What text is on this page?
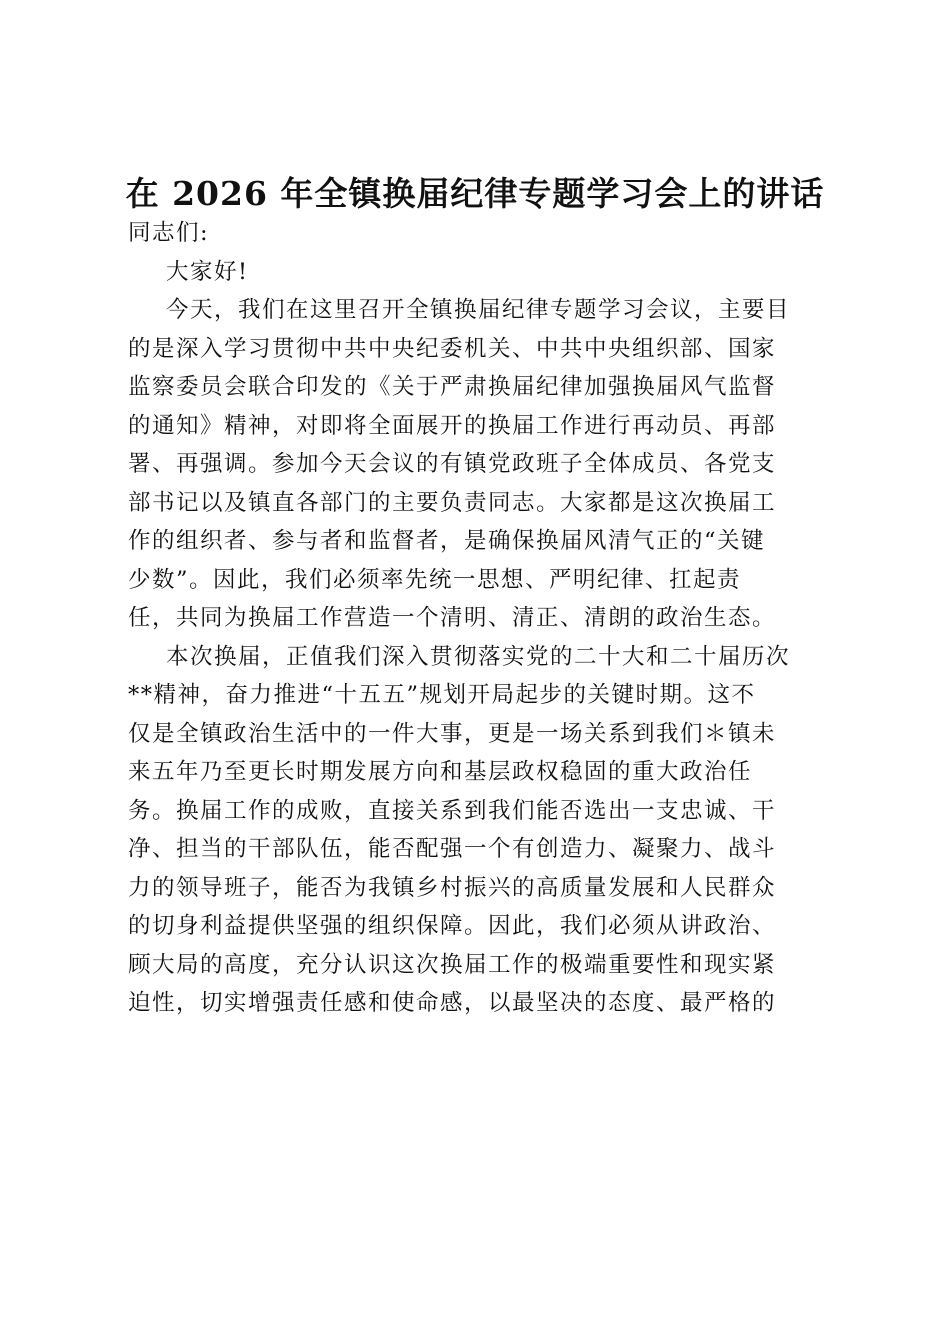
在 2026 年全镇换届纪律专题学习会上的讲话
同志们:
大家好!
今天，我们在这里召开全镇换届纪律专题学习会议，主要目
的是深入学习贯彻中共中央纪委机关、中共中央组织部、国家
监察委员会联合印发的《关于严肃换届纪律加强换届风气监督
的通知》精神，对即将全面展开的换届工作进行再动员、再部
署、再强调。参加今天会议的有镇党政班子全体成员、各党支
部书记以及镇直各部门的主要负责同志。大家都是这次换届工
作的组织者、参与者和监督者，是确保换届风清气正的“关键
少数”。因此，我们必须率先统一思想、严明纪律、扛起责
任，共同为换届工作营造一个清明、清正、清朗的政治生态。
本次换届，正值我们深入贯彻落实党的二十大和二十届历次
**精神，奋力推进“十五五”规划开局起步的关键时期。这不
仅是全镇政治生活中的一件大事，更是一场关系到我们＊镇未
来五年乃至更长时期发展方向和基层政权稳固的重大政治任
务。换届工作的成败，直接关系到我们能否选出一支忠诚、干
净、担当的干部队伍，能否配强一个有创造力、凝聚力、战斗
力的领导班子，能否为我镇乡村振兴的高质量发展和人民群众
的切身利益提供坚强的组织保障。因此，我们必须从讲政治、
顾大局的高度，充分认识这次换届工作的极端重要性和现实紧
迫性，切实增强责任感和使命感，以最坚决的态度、最严格的
